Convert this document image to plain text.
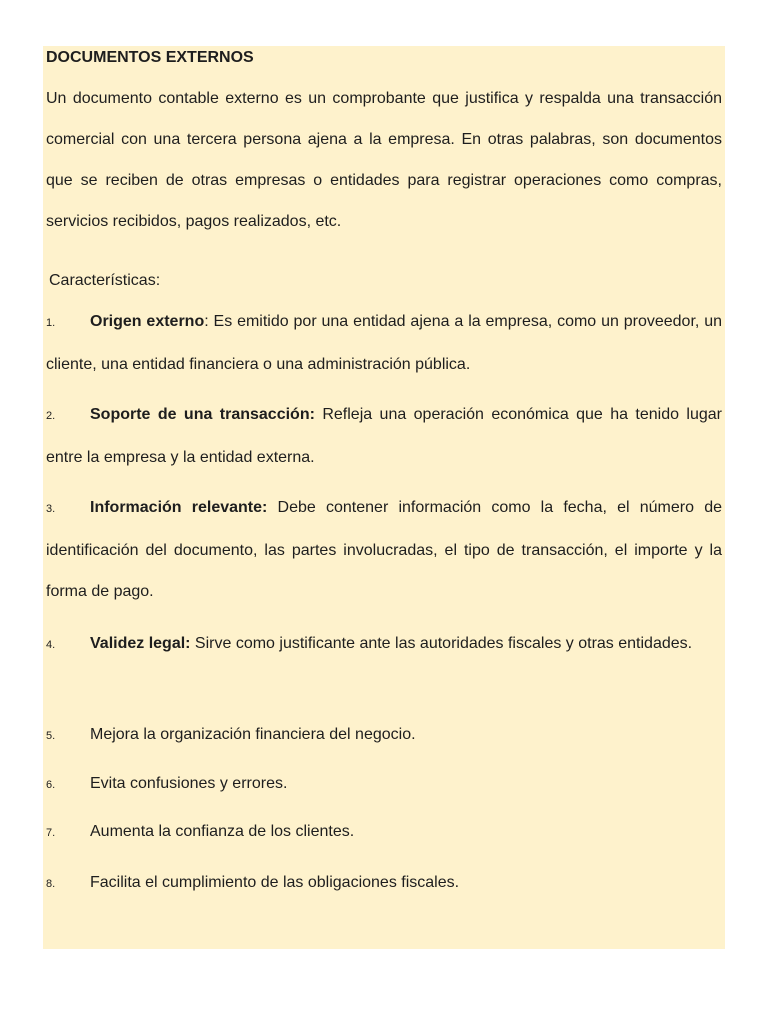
DOCUMENTOS EXTERNOS

Un documento contable externo es un comprobante que justifica y respalda una transacción comercial con una tercera persona ajena a la empresa. En otras palabras, son documentos que se reciben de otras empresas o entidades para registrar operaciones como compras, servicios recibidos, pagos realizados, etc.

Características:

1. Origen externo: Es emitido por una entidad ajena a la empresa, como un proveedor, un cliente, una entidad financiera o una administración pública.

2. Soporte de una transacción: Refleja una operación económica que ha tenido lugar entre la empresa y la entidad externa.

3. Información relevante: Debe contener información como la fecha, el número de identificación del documento, las partes involucradas, el tipo de transacción, el importe y la forma de pago.

4. Validez legal: Sirve como justificante ante las autoridades fiscales y otras entidades.

5. Mejora la organización financiera del negocio.

6. Evita confusiones y errores.

7. Aumenta la confianza de los clientes.

8. Facilita el cumplimiento de las obligaciones fiscales.
